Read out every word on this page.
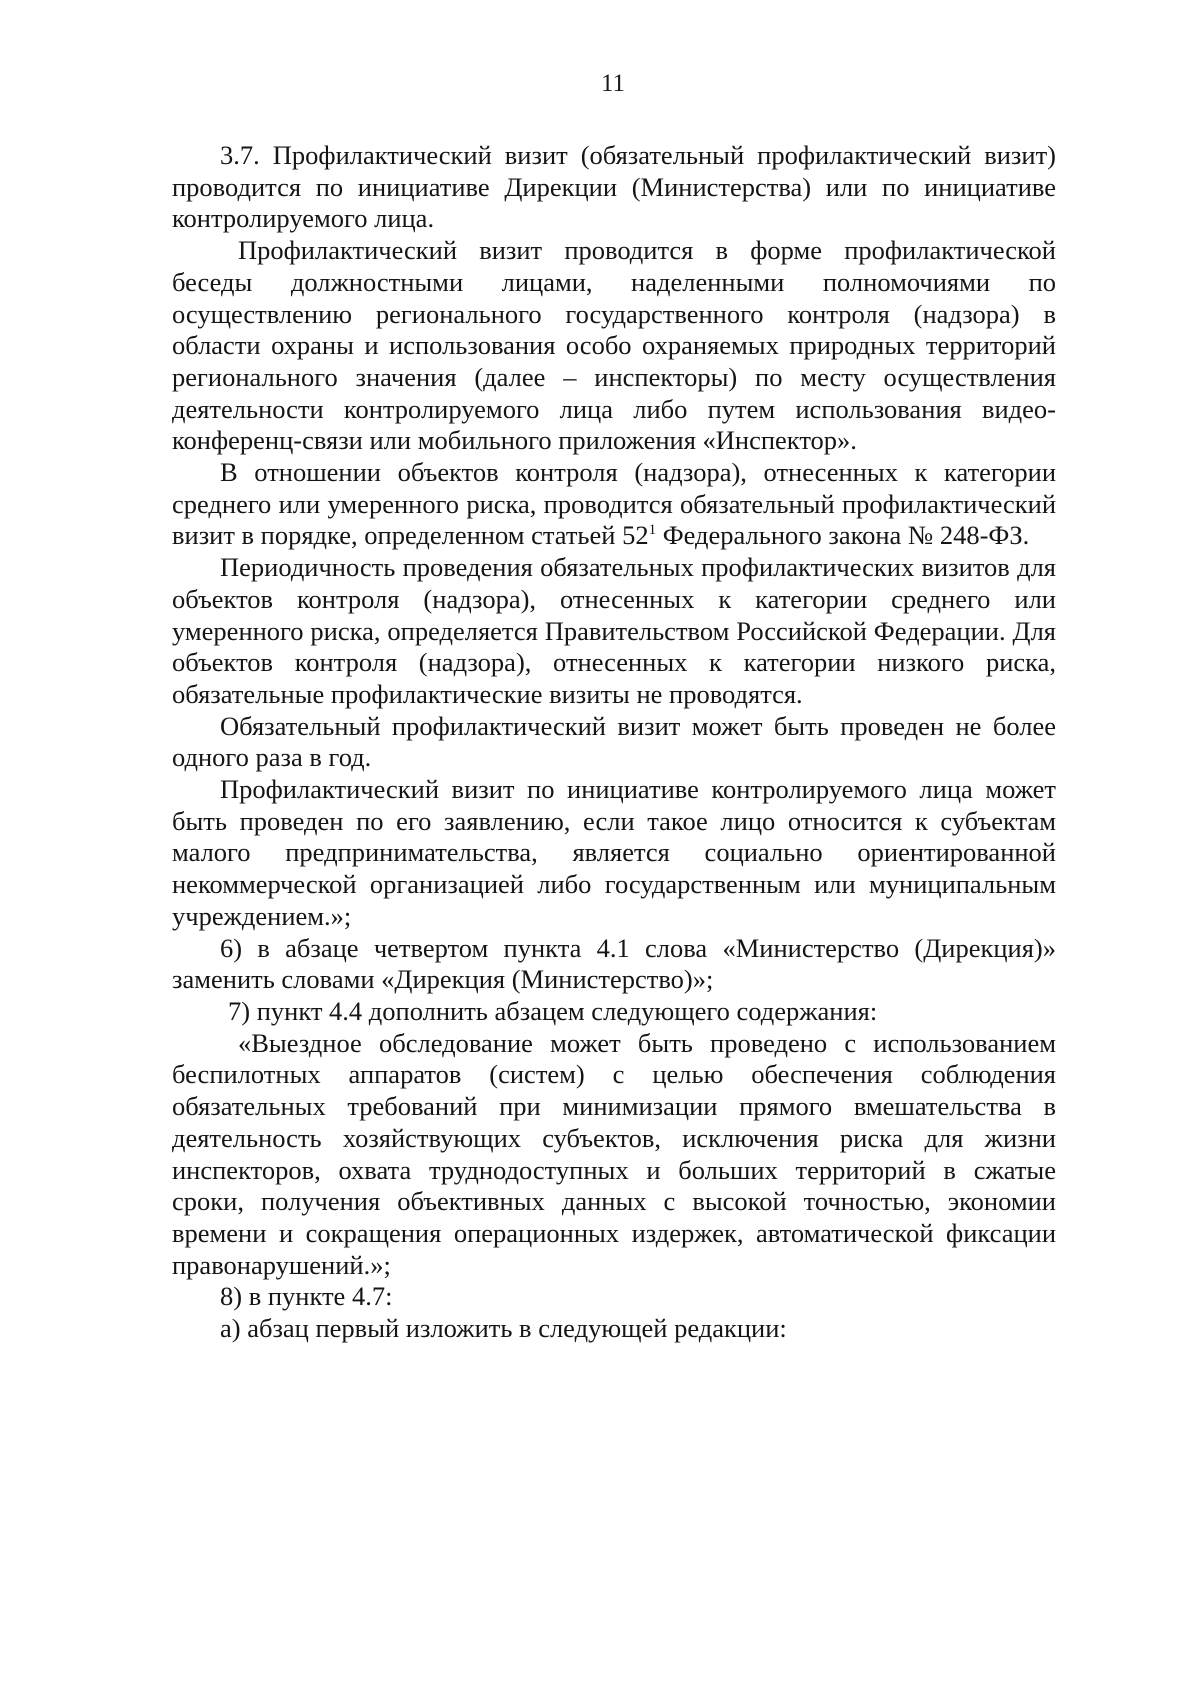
11

3.7. Профилактический визит (обязательный профилактический визит) проводится по инициативе Дирекции (Министерства) или по инициативе контролируемого лица.

Профилактический визит проводится в форме профилактической беседы должностными лицами, наделенными полномочиями по осуществлению регионального государственного контроля (надзора) в области охраны и использования особо охраняемых природных территорий регионального значения (далее – инспекторы) по месту осуществления деятельности контролируемого лица либо путем использования видео-конференц-связи или мобильного приложения «Инспектор».

В отношении объектов контроля (надзора), отнесенных к категории среднего или умеренного риска, проводится обязательный профилактический визит в порядке, определенном статьей $52^1$ Федерального закона № 248-ФЗ.

Периодичность проведения обязательных профилактических визитов для объектов контроля (надзора), отнесенных к категории среднего или умеренного риска, определяется Правительством Российской Федерации. Для объектов контроля (надзора), отнесенных к категории низкого риска, обязательные профилактические визиты не проводятся.

Обязательный профилактический визит может быть проведен не более одного раза в год.

Профилактический визит по инициативе контролируемого лица может быть проведен по его заявлению, если такое лицо относится к субъектам малого предпринимательства, является социально ориентированной некоммерческой организацией либо государственным или муниципальным учреждением.»;

6) в абзаце четвертом пункта 4.1 слова «Министерство (Дирекция)» заменить словами «Дирекция (Министерство)»;

7) пункт 4.4 дополнить абзацем следующего содержания:

«Выездное обследование может быть проведено с использованием беспилотных аппаратов (систем) с целью обеспечения соблюдения обязательных требований при минимизации прямого вмешательства в деятельность хозяйствующих субъектов, исключения риска для жизни инспекторов, охвата труднодоступных и больших территорий в сжатые сроки, получения объективных данных с высокой точностью, экономии времени и сокращения операционных издержек, автоматической фиксации правонарушений.»;

8) в пункте 4.7:

а) абзац первый изложить в следующей редакции:
